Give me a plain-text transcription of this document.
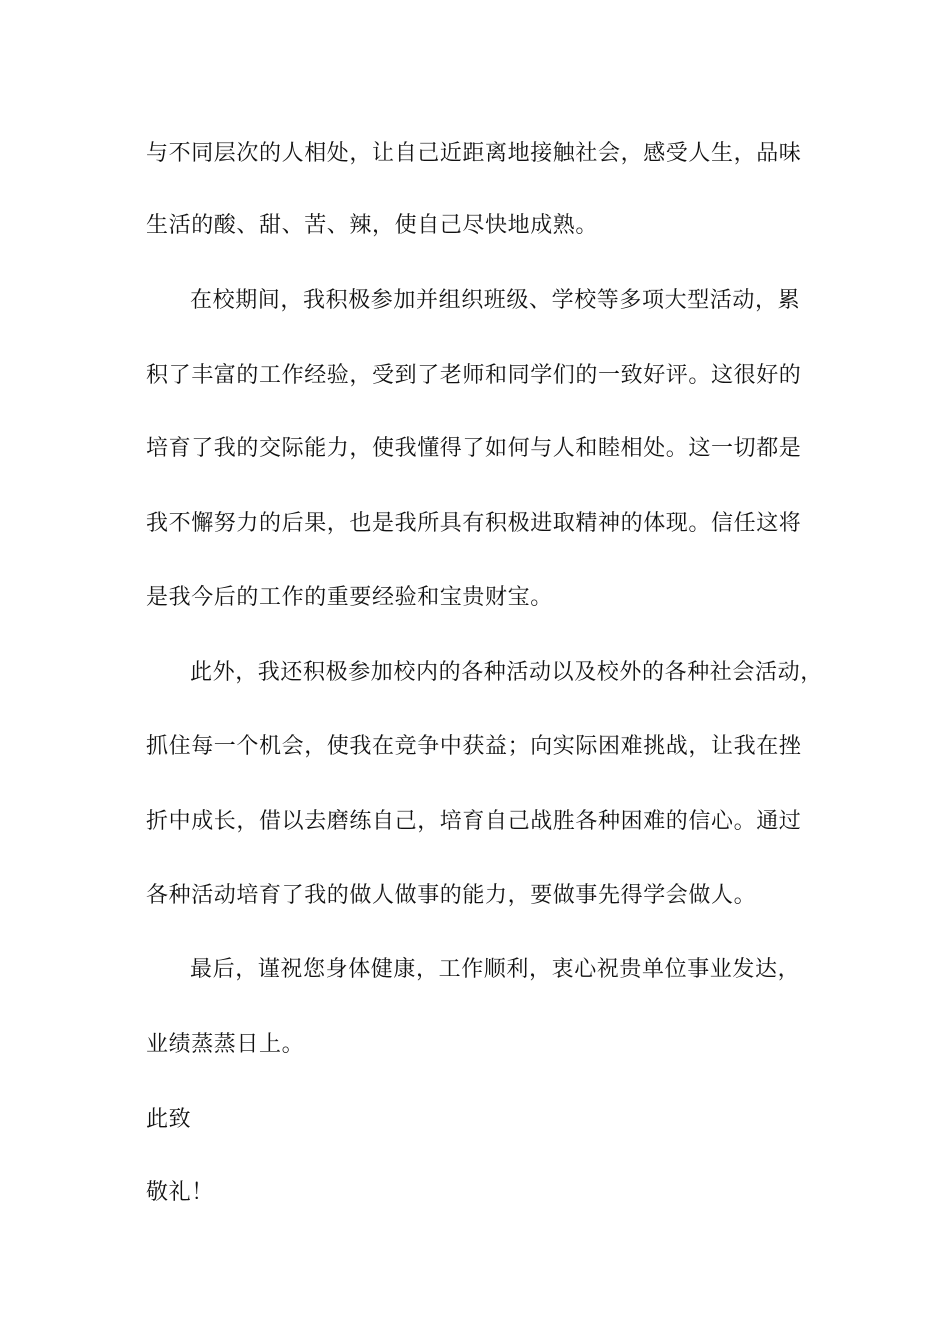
与不同层次的人相处，让自己近距离地接触社会，感受人生，品味
生活的酸、甜、苦、辣，使自己尽快地成熟。
在校期间，我积极参加并组织班级、学校等多项大型活动，累
积了丰富的工作经验，受到了老师和同学们的一致好评。这很好的
培育了我的交际能力，使我懂得了如何与人和睦相处。这一切都是
我不懈努力的后果，也是我所具有积极进取精神的体现。信任这将
是我今后的工作的重要经验和宝贵财宝。
此外，我还积极参加校内的各种活动以及校外的各种社会活动，
抓住每一个机会，使我在竞争中获益；向实际困难挑战，让我在挫
折中成长，借以去磨练自己，培育自己战胜各种困难的信心。通过
各种活动培育了我的做人做事的能力，要做事先得学会做人。
最后，谨祝您身体健康，工作顺利，衷心祝贵单位事业发达，
业绩蒸蒸日上。
此致
敬礼！
